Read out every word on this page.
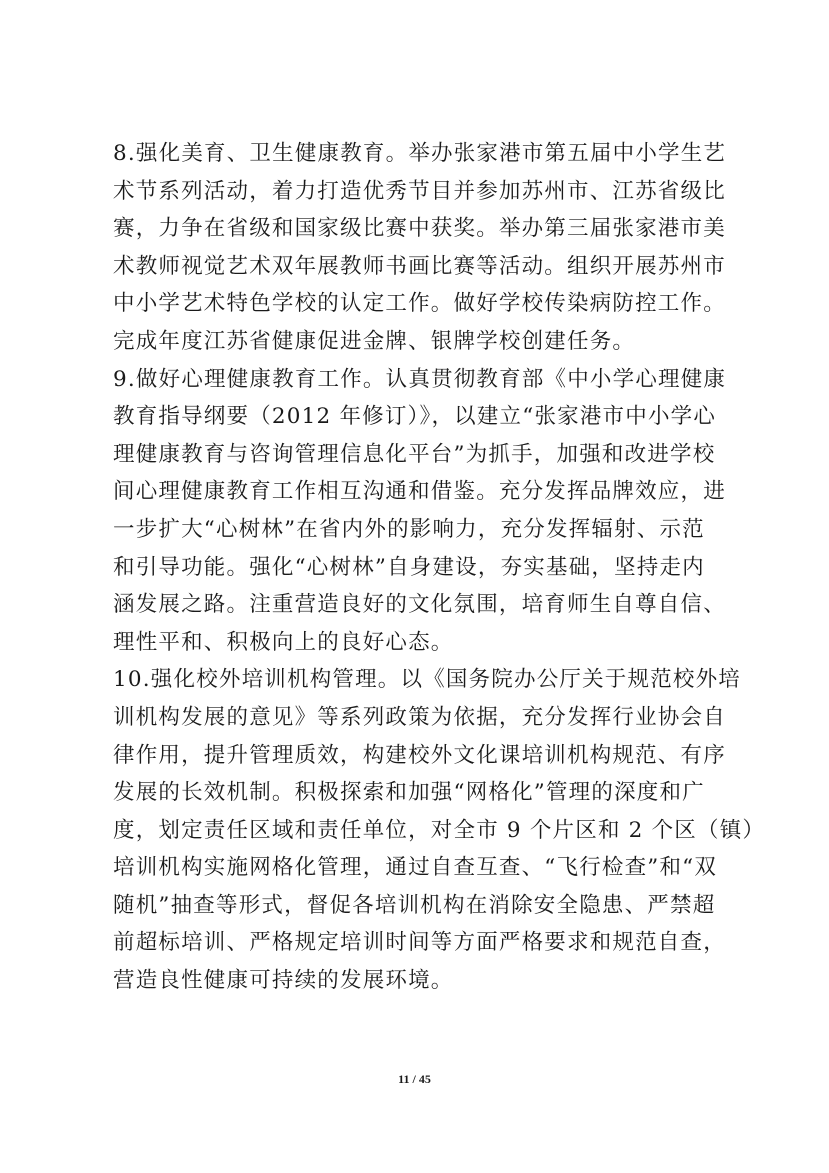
8.强化美育、卫生健康教育。举办张家港市第五届中小学生艺
术节系列活动，着力打造优秀节目并参加苏州市、江苏省级比
赛，力争在省级和国家级比赛中获奖。举办第三届张家港市美
术教师视觉艺术双年展教师书画比赛等活动。组织开展苏州市
中小学艺术特色学校的认定工作。做好学校传染病防控工作。
完成年度江苏省健康促进金牌、银牌学校创建任务。
9.做好心理健康教育工作。认真贯彻教育部《中小学心理健康
教育指导纲要（2012 年修订）》，以建立“张家港市中小学心
理健康教育与咨询管理信息化平台”为抓手，加强和改进学校
间心理健康教育工作相互沟通和借鉴。充分发挥品牌效应，进
一步扩大“心树林”在省内外的影响力，充分发挥辐射、示范
和引导功能。强化“心树林”自身建设，夯实基础，坚持走内
涵发展之路。注重营造良好的文化氛围，培育师生自尊自信、
理性平和、积极向上的良好心态。
10.强化校外培训机构管理。以《国务院办公厅关于规范校外培
训机构发展的意见》等系列政策为依据，充分发挥行业协会自
律作用，提升管理质效，构建校外文化课培训机构规范、有序
发展的长效机制。积极探索和加强“网格化”管理的深度和广
度，划定责任区域和责任单位，对全市 9 个片区和 2 个区（镇）
培训机构实施网格化管理，通过自查互查、“飞行检查”和“双
随机”抽查等形式，督促各培训机构在消除安全隐患、严禁超
前超标培训、严格规定培训时间等方面严格要求和规范自查，
营造良性健康可持续的发展环境。
11 / 45
